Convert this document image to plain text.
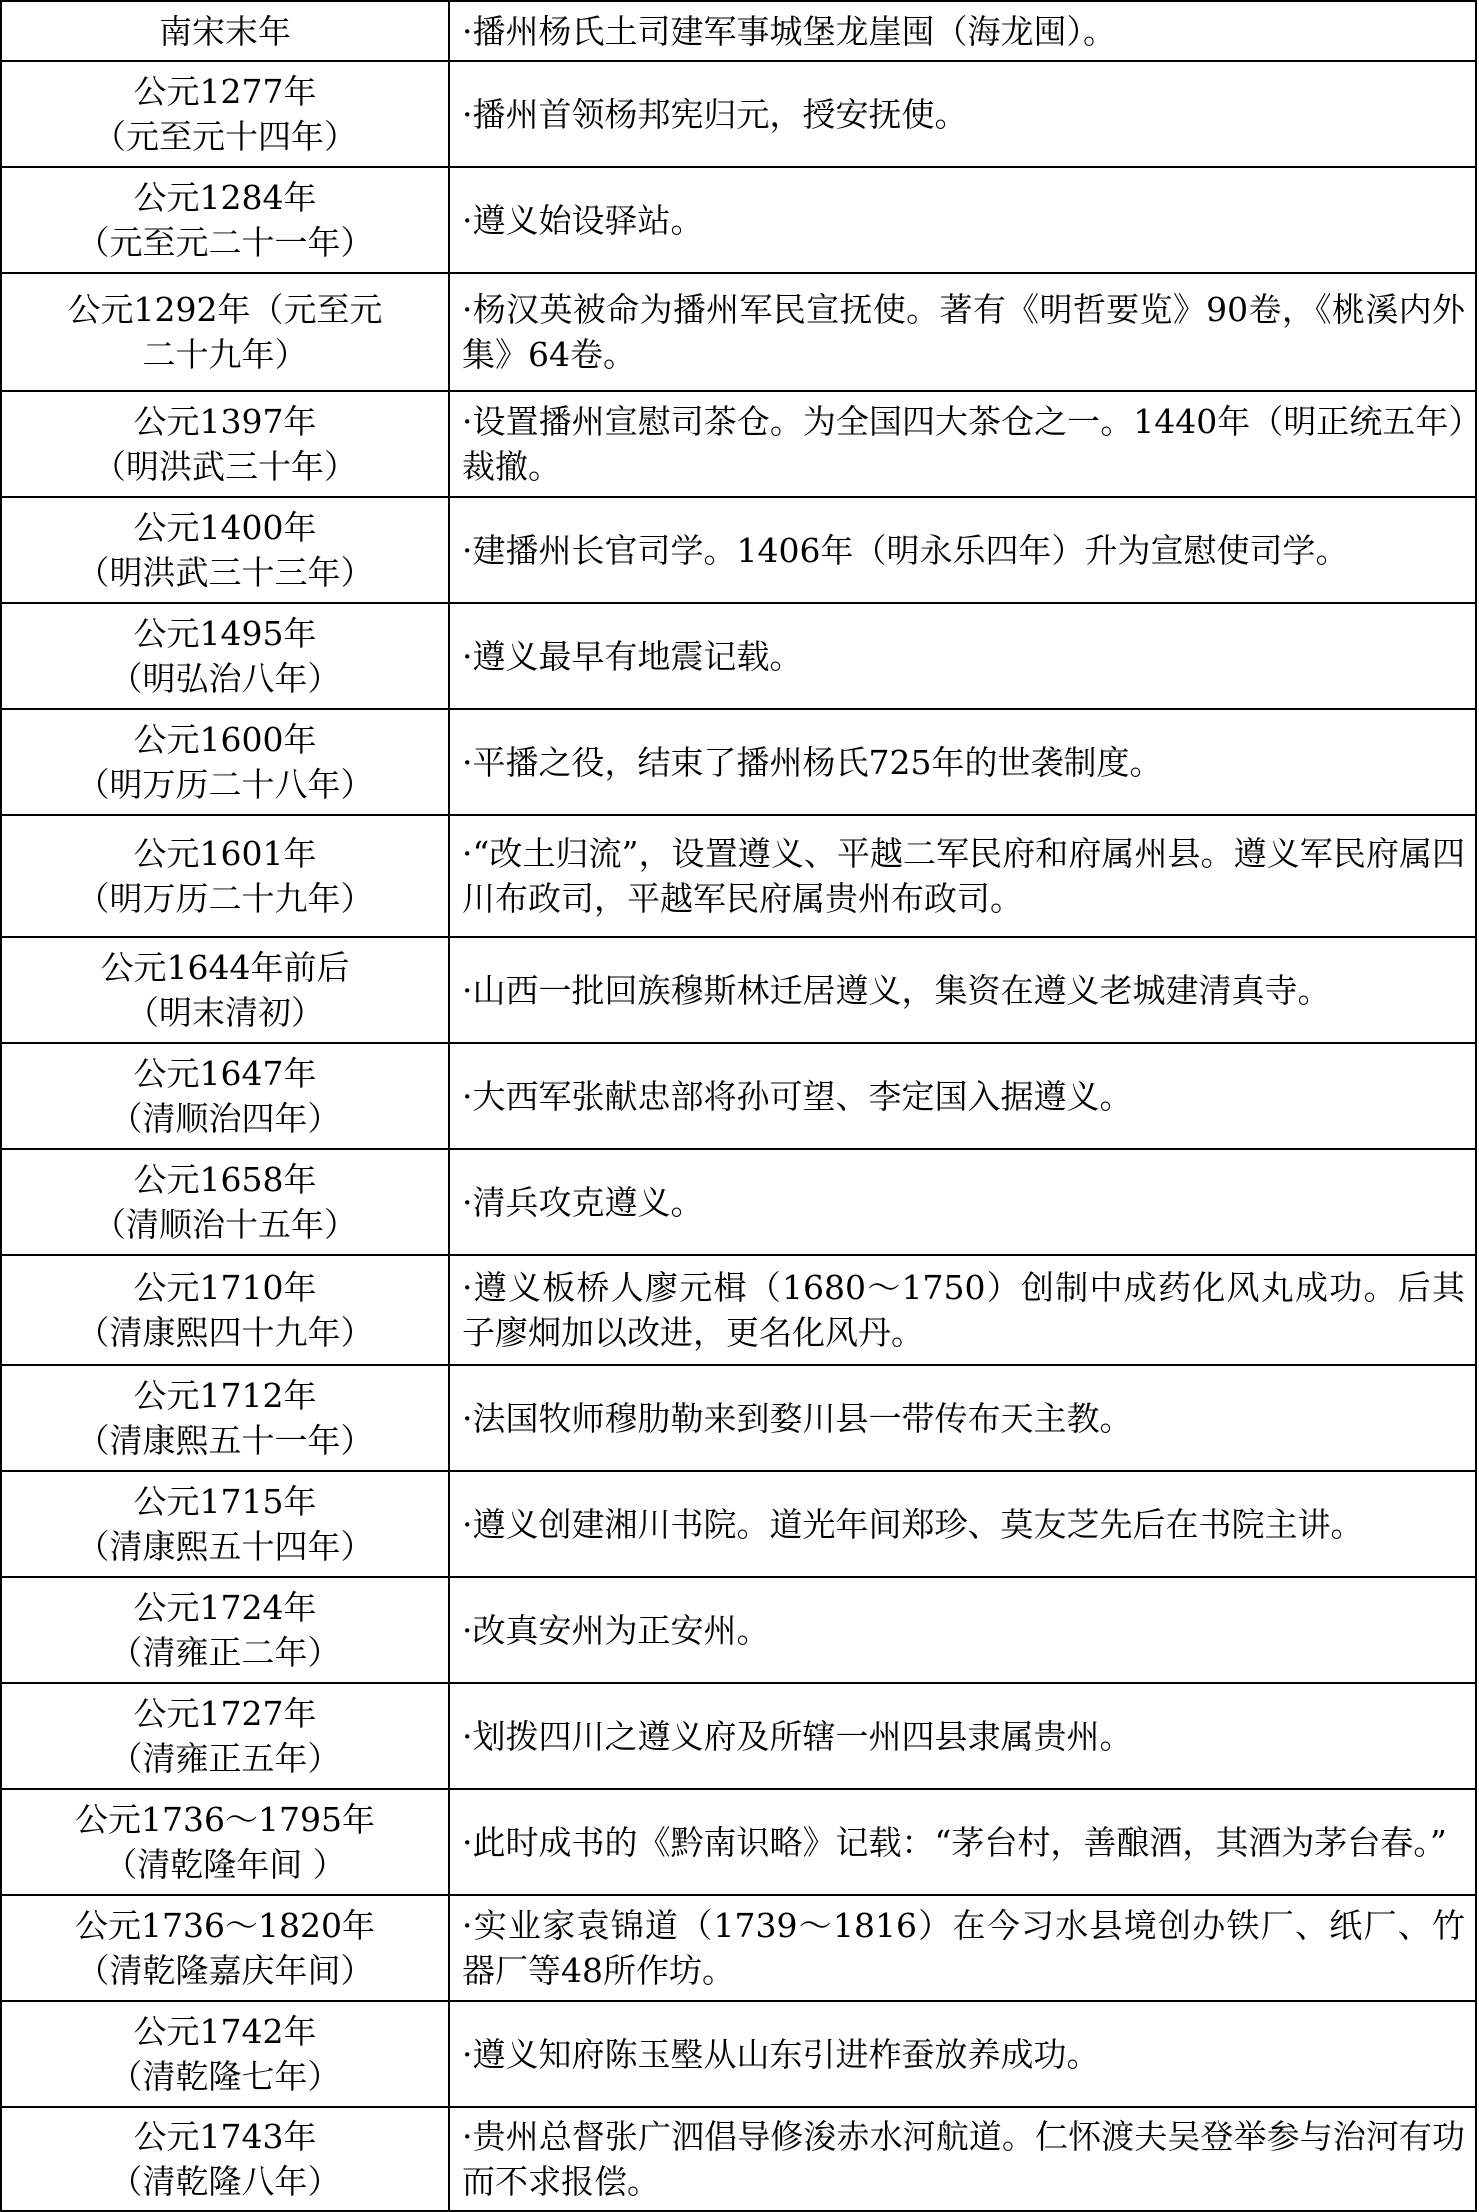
南宋末年	·播州杨氏土司建军事城堡龙崖囤（海龙囤）。

公元1277年
（元至元十四年）	·播州首领杨邦宪归元，授安抚使。

公元1284年
（元至元二十一年）	·遵义始设驿站。

公元1292年（元至元
二十九年）	·杨汉英被命为播州军民宣抚使。著有《明哲要览》90卷，《桃溪内外集》64卷。

公元1397年
（明洪武三十年）	·设置播州宣慰司茶仓。为全国四大茶仓之一。1440年（明正统五年）裁撤。

公元1400年
（明洪武三十三年）	·建播州长官司学。1406年（明永乐四年）升为宣慰使司学。

公元1495年
（明弘治八年）	·遵义最早有地震记载。

公元1600年
（明万历二十八年）	·平播之役，结束了播州杨氏725年的世袭制度。

公元1601年
（明万历二十九年）	·“改土归流”，设置遵义、平越二军民府和府属州县。遵义军民府属四川布政司，平越军民府属贵州布政司。

公元1644年前后
（明末清初）	·山西一批回族穆斯林迁居遵义，集资在遵义老城建清真寺。

公元1647年
（清顺治四年）	·大西军张献忠部将孙可望、李定国入据遵义。

公元1658年
（清顺治十五年）	·清兵攻克遵义。

公元1710年
（清康熙四十九年）	·遵义板桥人廖元楫（1680～1750）创制中成药化风丸成功。后其子廖炯加以改进，更名化风丹。

公元1712年
（清康熙五十一年）	·法国牧师穆肋勒来到婺川县一带传布天主教。

公元1715年
（清康熙五十四年）	·遵义创建湘川书院。道光年间郑珍、莫友芝先后在书院主讲。

公元1724年
（清雍正二年）	·改真安州为正安州。

公元1727年
（清雍正五年）	·划拨四川之遵义府及所辖一州四县隶属贵州。

公元1736～1795年
（清乾隆年间 ）	·此时成书的《黔南识略》记载：“茅台村，善酿酒，其酒为茅台春。”

公元1736～1820年
（清乾隆嘉庆年间）	·实业家袁锦道（1739～1816）在今习水县境创办铁厂、纸厂、竹器厂等48所作坊。

公元1742年
（清乾隆七年）	·遵义知府陈玉壂从山东引进柞蚕放养成功。

公元1743年
（清乾隆八年）	·贵州总督张广泗倡导修浚赤水河航道。仁怀渡夫吴登举参与治河有功而不求报偿。
